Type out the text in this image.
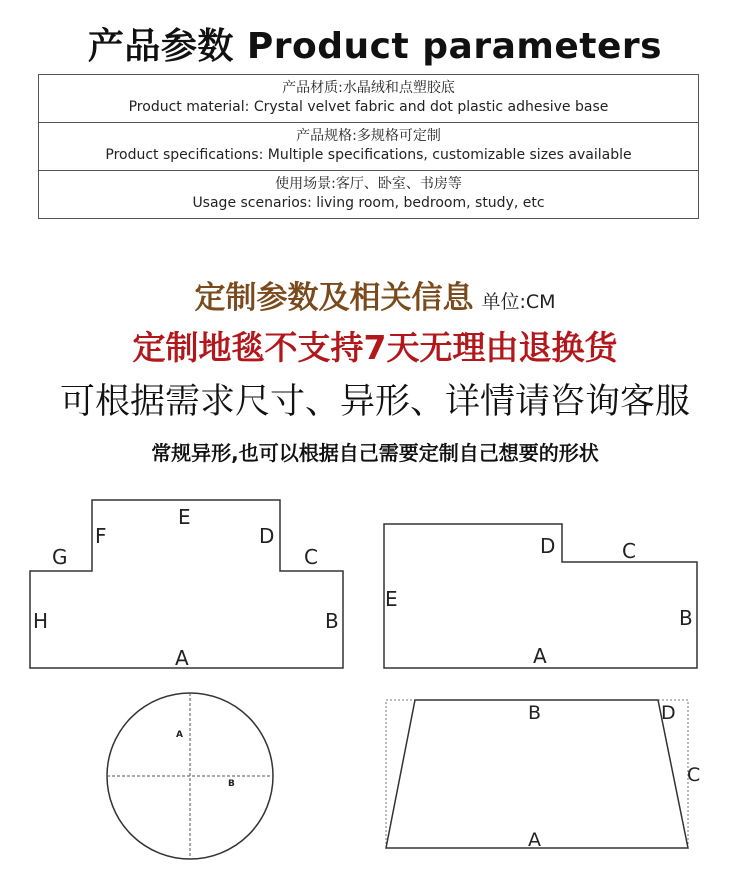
产品参数 Product parameters
产品材质:水晶绒和点塑胶底
Product material: Crystal velvet fabric and dot plastic adhesive base
产品规格:多规格可定制
Product specifications: Multiple specifications, customizable sizes available
使用场景:客厅、卧室、书房等
Usage scenarios: living room, bedroom, study, etc
定制参数及相关信息 单位:CM
定制地毯不支持7天无理由退换货
可根据需求尺寸、异形、详情请咨询客服
常规异形,也可以根据自己需要定制自己想要的形状
E
F	D
G	C
H	B
A
D	C
E
B
A
A
B
B	D
C
A
